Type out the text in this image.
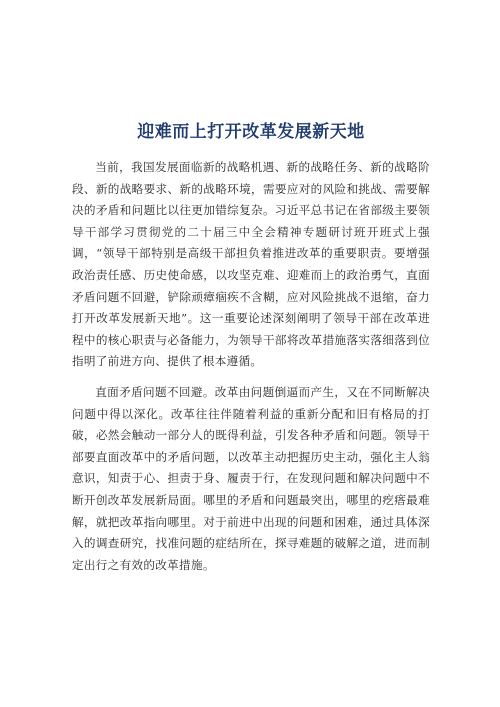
迎难而上打开改革发展新天地

当前，我国发展面临新的战略机遇、新的战略任务、新的战略阶段、新的战略要求、新的战略环境，需要应对的风险和挑战、需要解决的矛盾和问题比以往更加错综复杂。习近平总书记在省部级主要领导干部学习贯彻党的二十届三中全会精神专题研讨班开班式上强调，“领导干部特别是高级干部担负着推进改革的重要职责。要增强政治责任感、历史使命感，以攻坚克难、迎难而上的政治勇气，直面矛盾问题不回避，铲除顽瘴痼疾不含糊，应对风险挑战不退缩，奋力打开改革发展新天地”。这一重要论述深刻阐明了领导干部在改革进程中的核心职责与必备能力，为领导干部将改革措施落实落细落到位指明了前进方向、提供了根本遵循。

直面矛盾问题不回避。改革由问题倒逼而产生，又在不同断解决问题中得以深化。改革往往伴随着利益的重新分配和旧有格局的打破，必然会触动一部分人的既得利益，引发各种矛盾和问题。领导干部要直面改革中的矛盾问题，以改革主动把握历史主动，强化主人翁意识，知责于心、担责于身、履责于行，在发现问题和解决问题中不断开创改革发展新局面。哪里的矛盾和问题最突出，哪里的疙瘩最难解，就把改革指向哪里。对于前进中出现的问题和困难，通过具体深入的调查研究，找准问题的症结所在，探寻难题的破解之道，进而制定出行之有效的改革措施。
